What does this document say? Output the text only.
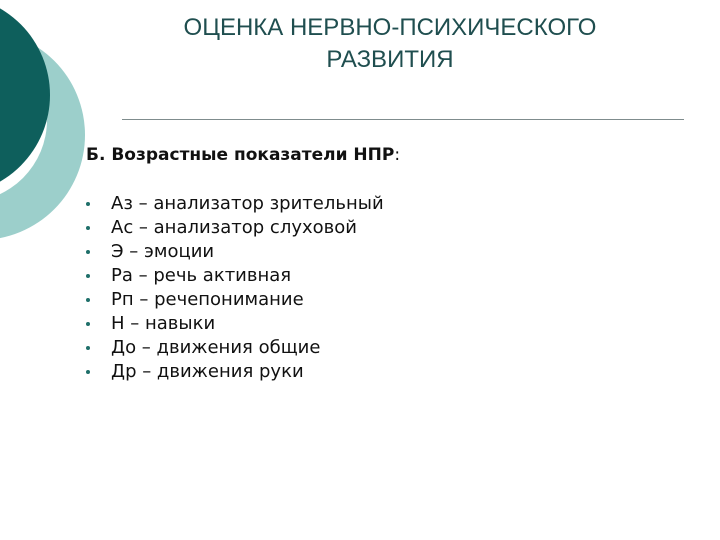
ОЦЕНКА НЕРВНО-ПСИХИЧЕСКОГО
РАЗВИТИЯ
Б. Возрастные показатели НПР:
Аз – анализатор зрительный
Ас – анализатор слуховой
Э – эмоции
Ра – речь активная
Рп – речепонимание
Н – навыки
До – движения общие
Др – движения руки
